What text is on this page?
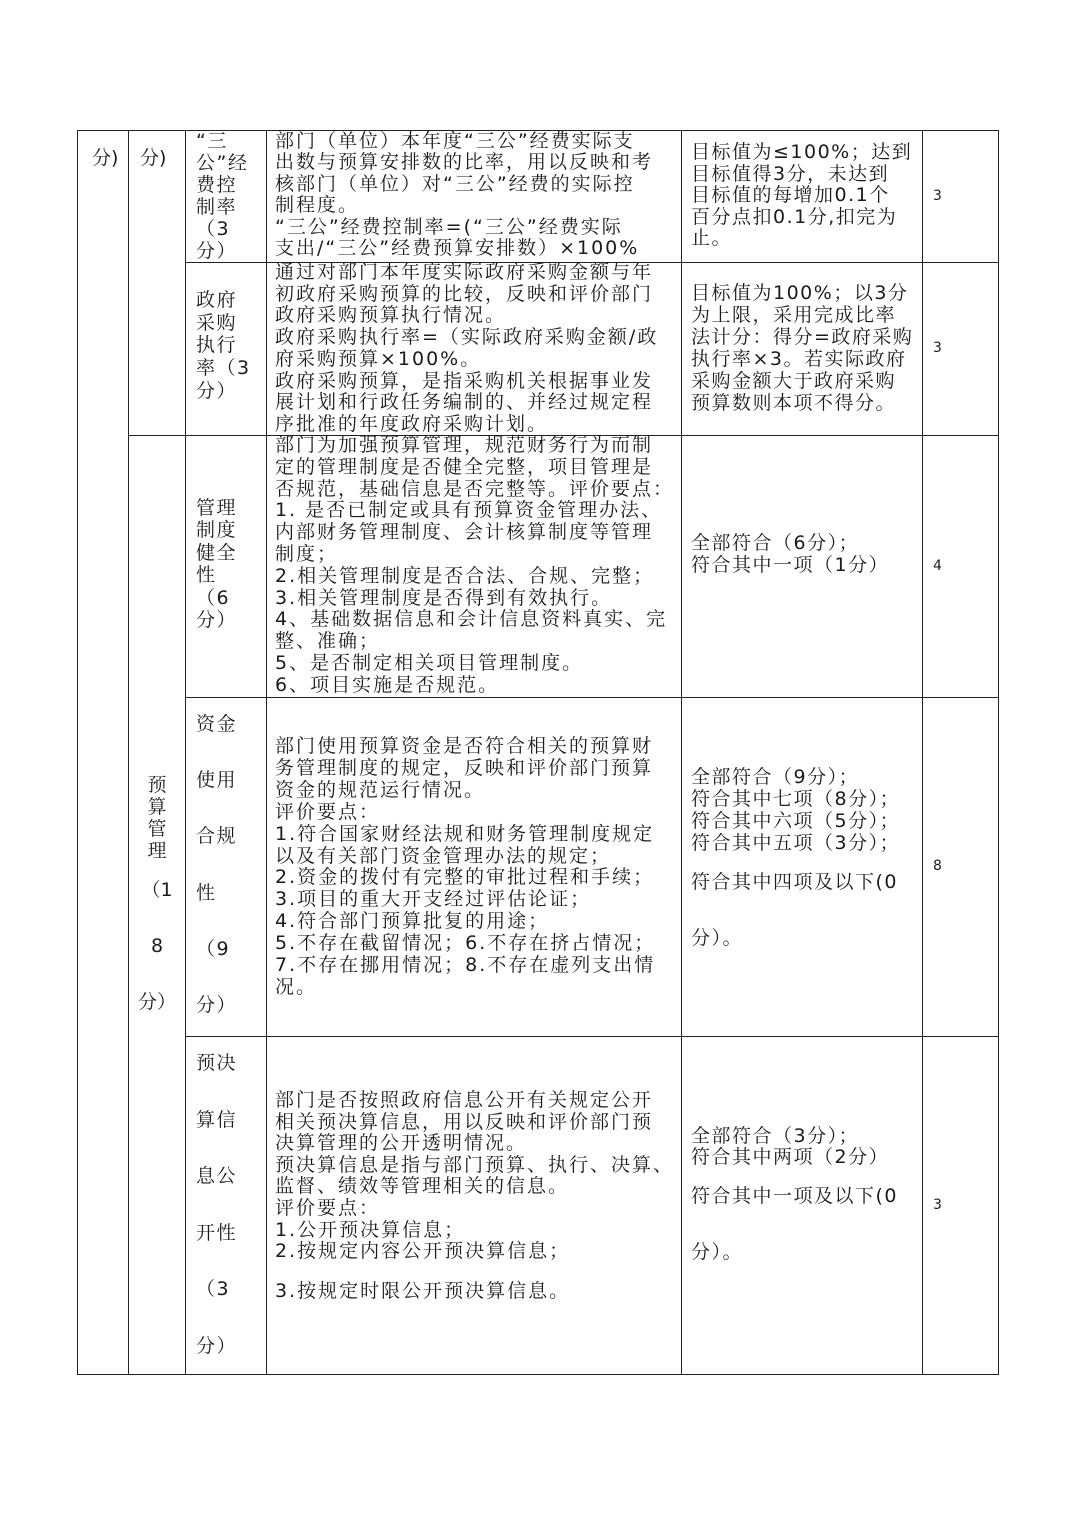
分) 分)
预
算
管
理
（1
8
分）
“三
公”经
费控
制率
（3
分）
部门（单位）本年度“三公”经费实际支
出数与预算安排数的比率，用以反映和考
核部门（单位）对“三公”经费的实际控
制程度。
“三公”经费控制率=(“三公”经费实际
支出/“三公”经费预算安排数）×100%
目标值为≤100%；达到
目标值得3分，未达到
目标值的每增加0.1个
百分点扣0.1分,扣完为
止。
3
政府
采购
执行
率（3
分）
通过对部门本年度实际政府采购金额与年
初政府采购预算的比较，反映和评价部门
政府采购预算执行情况。
政府采购执行率=（实际政府采购金额/政
府采购预算×100%。
政府采购预算，是指采购机关根据事业发
展计划和行政任务编制的、并经过规定程
序批准的年度政府采购计划。
目标值为100%；以3分
为上限，采用完成比率
法计分：得分=政府采购
执行率×3。若实际政府
采购金额大于政府采购
预算数则本项不得分。
3
管理
制度
健全
性
（6
分）
部门为加强预算管理，规范财务行为而制
定的管理制度是否健全完整，项目管理是
否规范，基础信息是否完整等。评价要点：
1. 是否已制定或具有预算资金管理办法、
内部财务管理制度、会计核算制度等管理
制度；
2.相关管理制度是否合法、合规、完整；
3.相关管理制度是否得到有效执行。
4、基础数据信息和会计信息资料真实、完
整、准确；
5、是否制定相关项目管理制度。
6、项目实施是否规范。
全部符合（6分）；
符合其中一项（1分）	4
资金
使用
合规
性
（9
分）
部门使用预算资金是否符合相关的预算财
务管理制度的规定，反映和评价部门预算
资金的规范运行情况。
评价要点：
1.符合国家财经法规和财务管理制度规定
以及有关部门资金管理办法的规定；
2.资金的拨付有完整的审批过程和手续；
3.项目的重大开支经过评估论证；
4.符合部门预算批复的用途；
5.不存在截留情况；6.不存在挤占情况；
7.不存在挪用情况；8.不存在虚列支出情
况。
全部符合（9分）；
符合其中七项（8分）；
符合其中六项（5分）；
符合其中五项（3分）；
符合其中四项及以下(0
分）。
8
预决
算信
息公
开性
（3
分）
部门是否按照政府信息公开有关规定公开
相关预决算信息，用以反映和评价部门预
决算管理的公开透明情况。
预决算信息是指与部门预算、执行、决算、
监督、绩效等管理相关的信息。
评价要点：
1.公开预决算信息；
2.按规定内容公开预决算信息；
3.按规定时限公开预决算信息。
全部符合（3分）；
符合其中两项（2分）
符合其中一项及以下(0
分）。
3
